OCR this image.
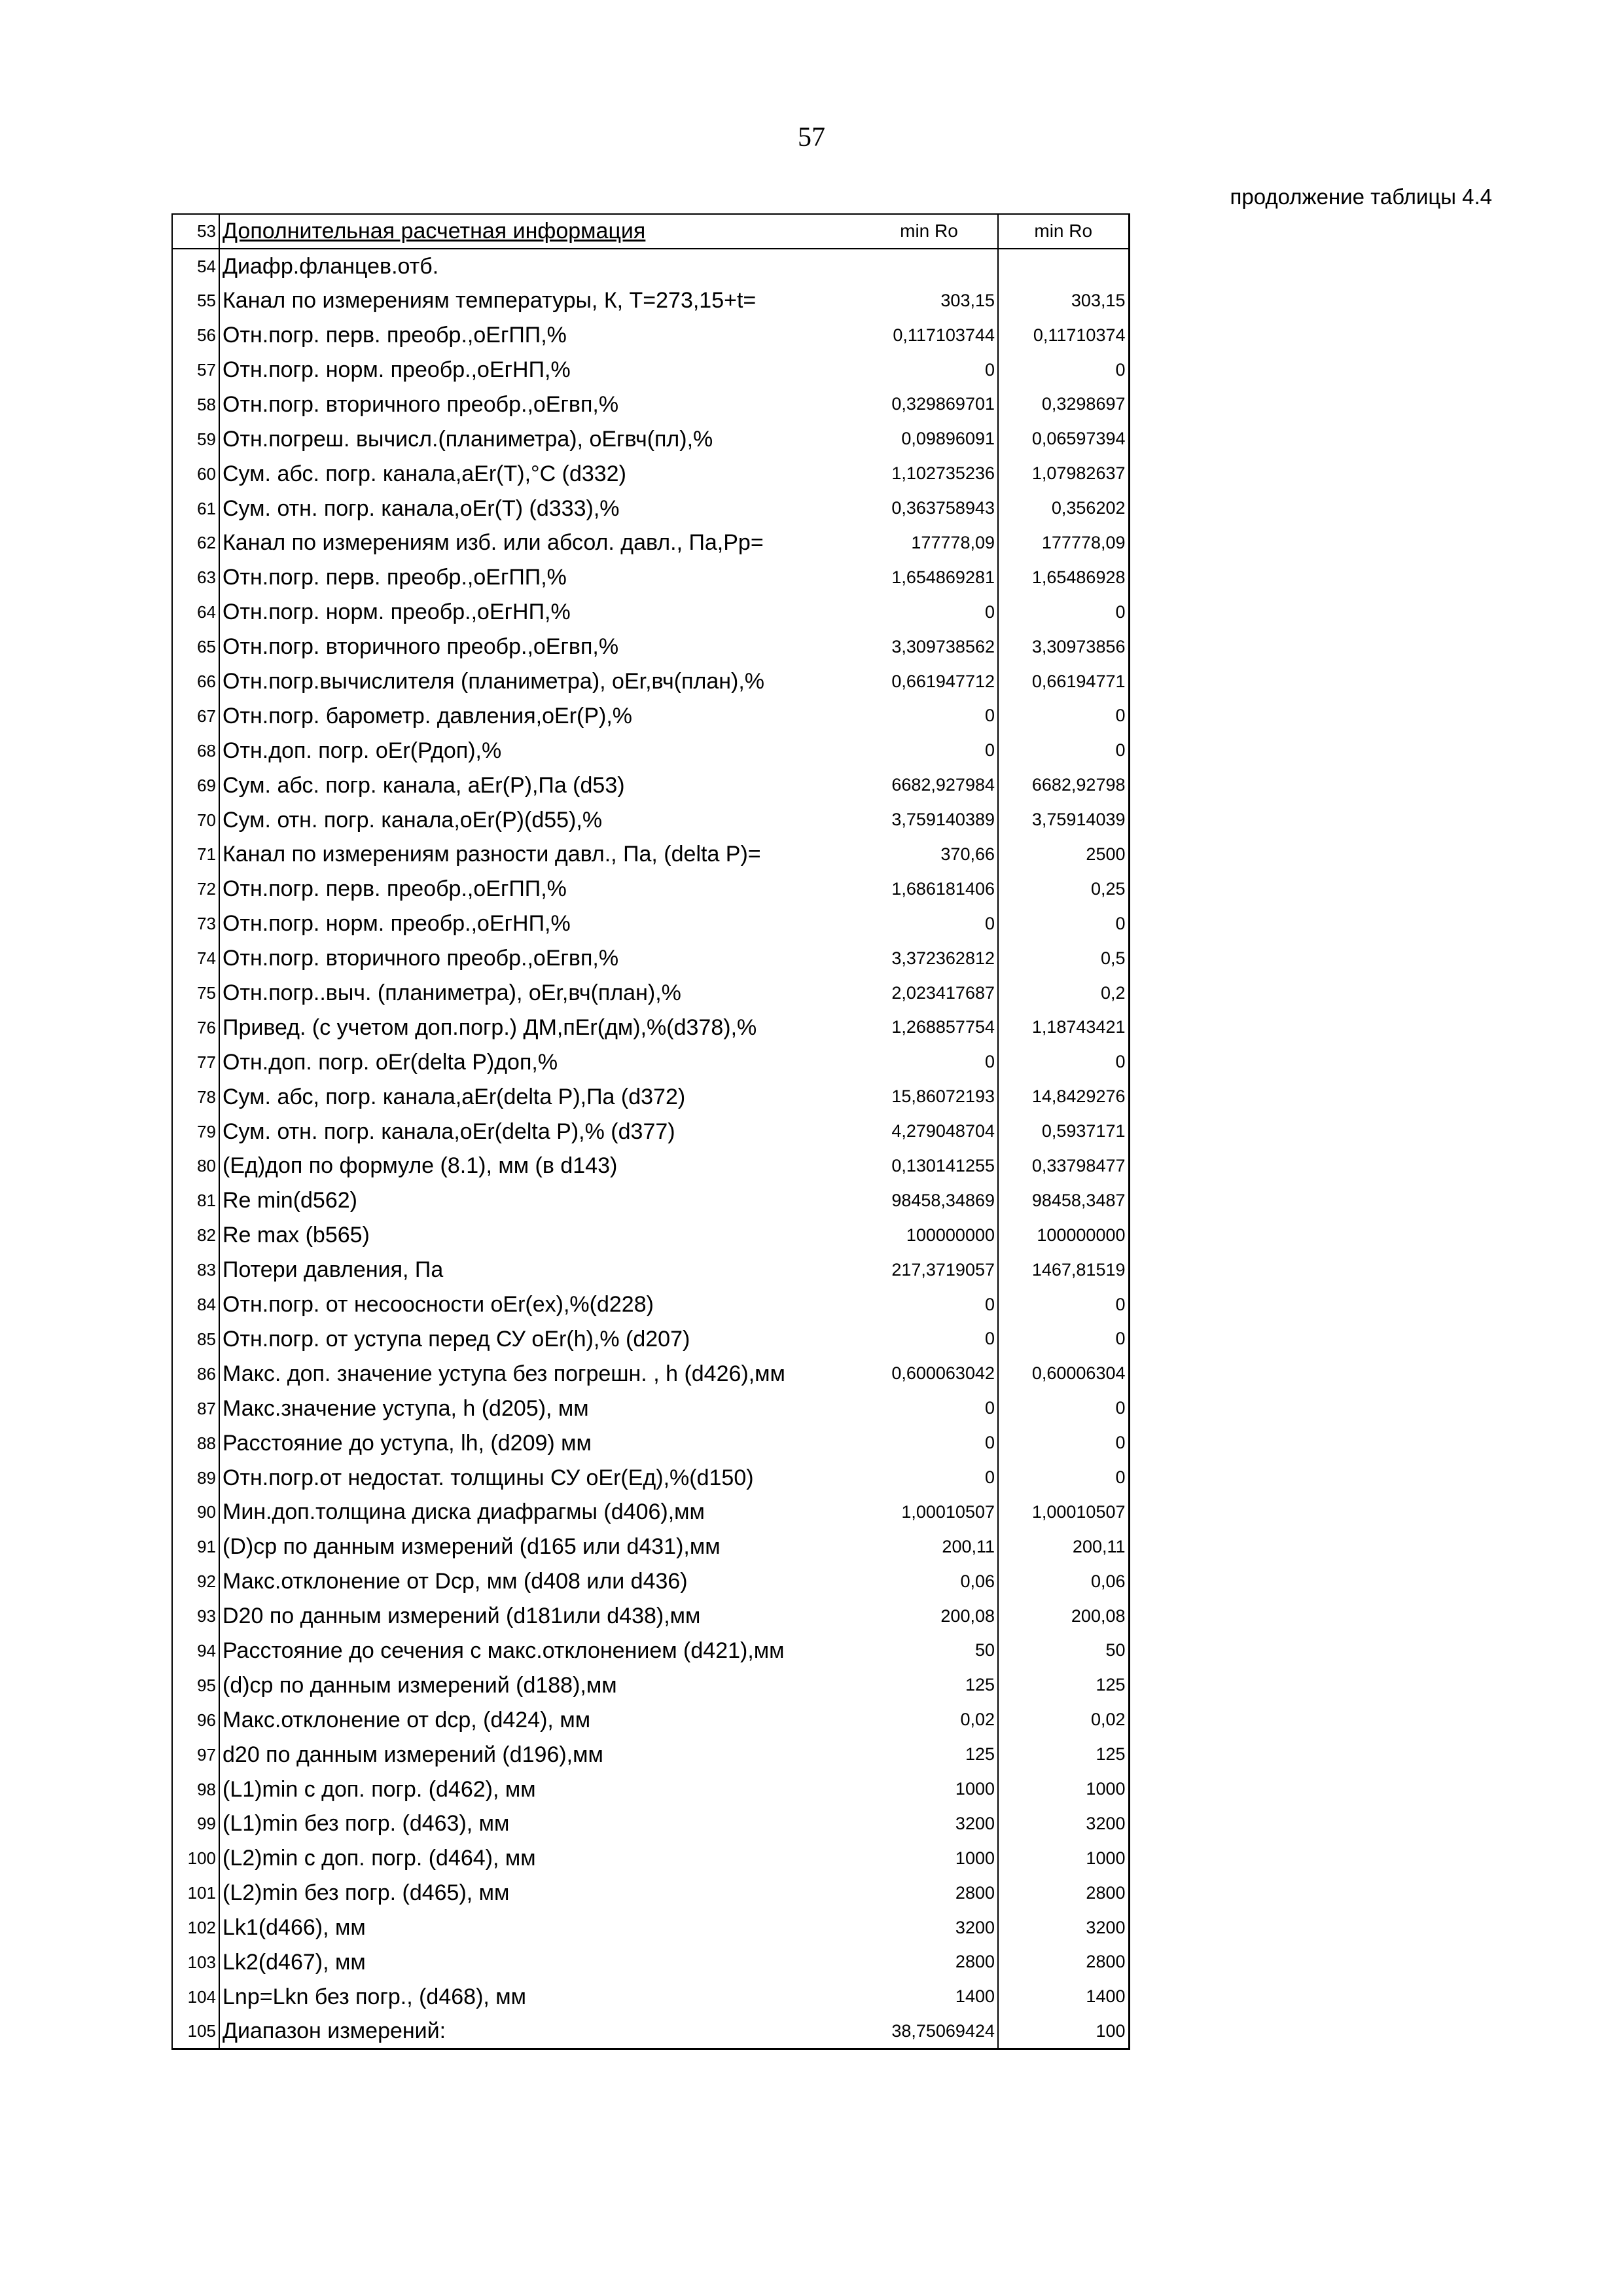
57
продолжение таблицы 4.4
53	Дополнительная расчетная информация	min Ro	min Ro
54	Диафр.фланцев.отб.		
55	Канал по измерениям температуры, К, Т=273,15+t=	303,15	303,15
56	Отн.погр. перв. преобр.,оЕгПП,%	0,117103744	0,11710374
57	Отн.погр. норм. преобр.,оЕгНП,%	0	0
58	Отн.погр. вторичного преобр.,оЕгвп,%	0,329869701	0,3298697
59	Отн.погреш. вычисл.(планиметра), оЕгвч(пл),%	0,09896091	0,06597394
60	Сум. абс. погр. канала,аЕr(T),°С (d332)	1,102735236	1,07982637
61	Сум. отн. погр. канала,оЕr(T) (d333),%	0,363758943	0,356202
62	Канал по измерениям изб. или абсол. давл., Па,Рр=	177778,09	177778,09
63	Отн.погр. перв. преобр.,оЕгПП,%	1,654869281	1,65486928
64	Отн.погр. норм. преобр.,оЕгНП,%	0	0
65	Отн.погр. вторичного преобр.,оЕгвп,%	3,309738562	3,30973856
66	Отн.погр.вычислителя (планиметра), оЕr,вч(план),%	0,661947712	0,66194771
67	Отн.погр. барометр. давления,оЕr(Р),%	0	0
68	Отн.доп. погр. оЕr(Рдоп),%	0	0
69	Сум. абс. погр. канала, аЕr(Р),Па (d53)	6682,927984	6682,92798
70	Сум. отн. погр. канала,оЕr(Р)(d55),%	3,759140389	3,75914039
71	Канал по измерениям разности давл., Па, (delta P)=	370,66	2500
72	Отн.погр. перв. преобр.,оЕгПП,%	1,686181406	0,25
73	Отн.погр. норм. преобр.,оЕгНП,%	0	0
74	Отн.погр. вторичного преобр.,оЕгвп,%	3,372362812	0,5
75	Отн.погр..выч. (планиметра), оЕr,вч(план),%	2,023417687	0,2
76	Привед. (с учетом доп.погр.) ДМ,пЕr(дм),%(d378),%	1,268857754	1,18743421
77	Отн.доп. погр. оЕr(delta Р)доп,%	0	0
78	Сум. абс, погр. канала,аЕr(delta Р),Па (d372)	15,86072193	14,8429276
79	Сум. отн. погр. канала,оЕr(delta Р),% (d377)	4,279048704	0,5937171
80	(Ед)доп по формуле (8.1), мм (в d143)	0,130141255	0,33798477
81	Re min(d562)	98458,34869	98458,3487
82	Re max (b565)	100000000	100000000
83	Потери давления, Па	217,3719057	1467,81519
84	Отн.погр. от несоосности оЕr(ex),%(d228)	0	0
85	Отн.погр. от уступа перед СУ оЕr(h),% (d207)	0	0
86	Макс. доп. значение уступа без погрешн. , h (d426),мм	0,600063042	0,60006304
87	Макс.значение уступа, h (d205), мм	0	0
88	Расстояние до уступа, lh, (d209) мм	0	0
89	Отн.погр.от недостат. толщины СУ оЕr(Ед),%(d150)	0	0
90	Мин.доп.толщина диска диафрагмы (d406),мм	1,00010507	1,00010507
91	(D)ср по данным измерений (d165 или d431),мм	200,11	200,11
92	Макс.отклонение от Dср, мм (d408 или d436)	0,06	0,06
93	D20 по данным измерений (d181или d438),мм	200,08	200,08
94	Расстояние до сечения с макс.отклонением (d421),мм	50	50
95	(d)ср по данным измерений (d188),мм	125	125
96	Макс.отклонение от dср, (d424), мм	0,02	0,02
97	d20 по данным измерений (d196),мм	125	125
98	(L1)min с доп. погр. (d462), мм	1000	1000
99	(L1)min без погр. (d463), мм	3200	3200
100	(L2)min с доп. погр. (d464), мм	1000	1000
101	(L2)min без погр. (d465), мм	2800	2800
102	Lk1(d466), мм	3200	3200
103	Lk2(d467), мм	2800	2800
104	Lnp=Lkn без погр., (d468), мм	1400	1400
105	Диапазон измерений:	38,75069424	100
